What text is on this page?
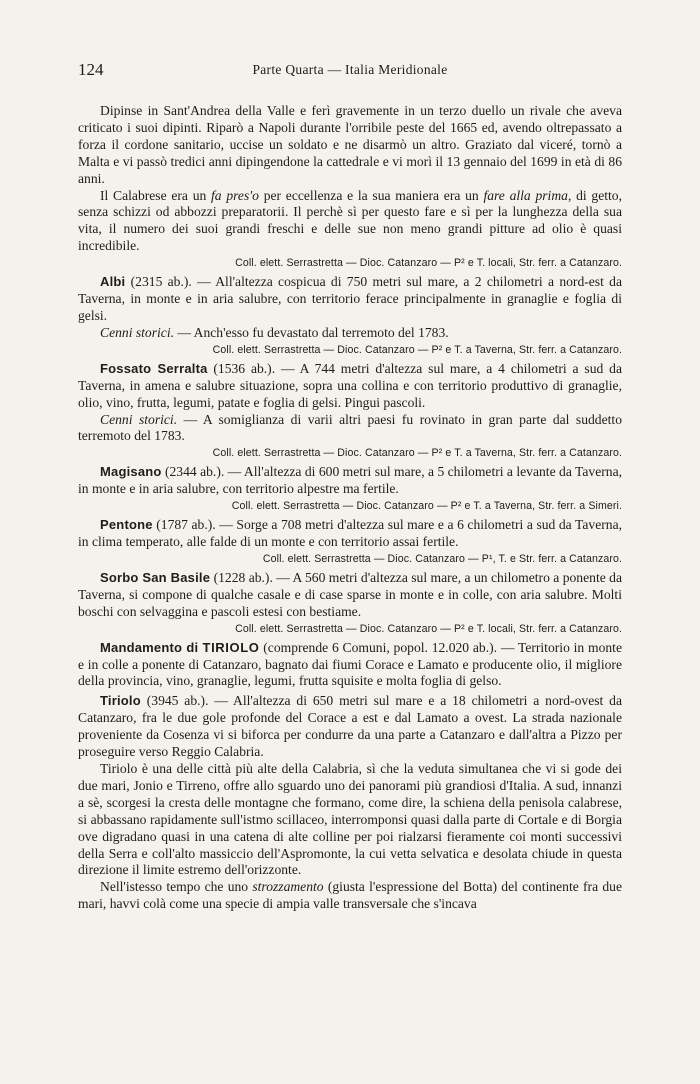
124	Parte Quarta — Italia Meridionale

Dipinse in Sant'Andrea della Valle e ferì gravemente in un terzo duello un rivale che aveva criticato i suoi dipinti. Riparò a Napoli durante l'orribile peste del 1665 ed, avendo oltrepassato a forza il cordone sanitario, uccise un soldato e ne disarmò un altro. Graziato dal viceré, tornò a Malta e vi passò tredici anni dipingendone la cattedrale e vi morì il 13 gennaio del 1699 in età di 86 anni.

Il Calabrese era un fa pres'o per eccellenza e la sua maniera era un fare alla prima, di getto, senza schizzi od abbozzi preparatorii. Il perchè sì per questo fare e sì per la lunghezza della sua vita, il numero dei suoi grandi freschi e delle sue non meno grandi pitture ad olio è quasi incredibile.

Coll. elett. Serrastretta — Dioc. Catanzaro — P² e T. locali, Str. ferr. a Catanzaro.

Albi (2315 ab.). — All'altezza cospicua di 750 metri sul mare, a 2 chilometri a nord-est da Taverna, in monte e in aria salubre, con territorio ferace principalmente in granaglie e foglia di gelsi.

Cenni storici. — Anch'esso fu devastato dal terremoto del 1783.

Coll. elett. Serrastretta — Dioc. Catanzaro — P² e T. a Taverna, Str. ferr. a Catanzaro.

Fossato Serralta (1536 ab.). — A 744 metri d'altezza sul mare, a 4 chilometri a sud da Taverna, in amena e salubre situazione, sopra una collina e con territorio produttivo di granaglie, olio, vino, frutta, legumi, patate e foglia di gelsi. Pingui pascoli.

Cenni storici. — A somiglianza di varii altri paesi fu rovinato in gran parte dal suddetto terremoto del 1783.

Coll. elett. Serrastretta — Dioc. Catanzaro — P² e T. a Taverna, Str. ferr. a Catanzaro.

Magisano (2344 ab.). — All'altezza di 600 metri sul mare, a 5 chilometri a levante da Taverna, in monte e in aria salubre, con territorio alpestre ma fertile.

Coll. elett. Serrastretta — Dioc. Catanzaro — P² e T. a Taverna, Str. ferr. a Simeri.

Pentone (1787 ab.). — Sorge a 708 metri d'altezza sul mare e a 6 chilometri a sud da Taverna, in clima temperato, alle falde di un monte e con territorio assai fertile.

Coll. elett. Serrastretta — Dioc. Catanzaro — P¹, T. e Str. ferr. a Catanzaro.

Sorbo San Basile (1228 ab.). — A 560 metri d'altezza sul mare, a un chilometro a ponente da Taverna, si compone di qualche casale e di case sparse in monte e in colle, con aria salubre. Molti boschi con selvaggina e pascoli estesi con bestiame.

Coll. elett. Serrastretta — Dioc. Catanzaro — P² e T. locali, Str. ferr. a Catanzaro.

Mandamento di TIRIOLO (comprende 6 Comuni, popol. 12.020 ab.). — Territorio in monte e in colle a ponente di Catanzaro, bagnato dai fiumi Corace e Lamato e producente olio, il migliore della provincia, vino, granaglie, legumi, frutta squisite e molta foglia di gelso.

Tiriolo (3945 ab.). — All'altezza di 650 metri sul mare e a 18 chilometri a nord-ovest da Catanzaro, fra le due gole profonde del Corace a est e dal Lamato a ovest. La strada nazionale proveniente da Cosenza vi si biforca per condurre da una parte a Catanzaro e dall'altra a Pizzo per proseguire verso Reggio Calabria.

Tiriolo è una delle città più alte della Calabria, sì che la veduta simultanea che vi si gode dei due mari, Jonio e Tirreno, offre allo sguardo uno dei panorami più grandiosi d'Italia. A sud, innanzi a sè, scorgesi la cresta delle montagne che formano, come dire, la schiena della penisola calabrese, si abbassano rapidamente sull'istmo scillaceo, interromponsi quasi dalla parte di Cortale e di Borgia ove digradano quasi in una catena di alte colline per poi rialzarsi fieramente coi monti successivi della Serra e coll'alto massiccio dell'Aspromonte, la cui vetta selvatica e desolata chiude in questa direzione il limite estremo dell'orizzonte.

Nell'istesso tempo che uno strozzamento (giusta l'espressione del Botta) del continente fra due mari, havvi colà come una specie di ampia valle transversale che s'incava
